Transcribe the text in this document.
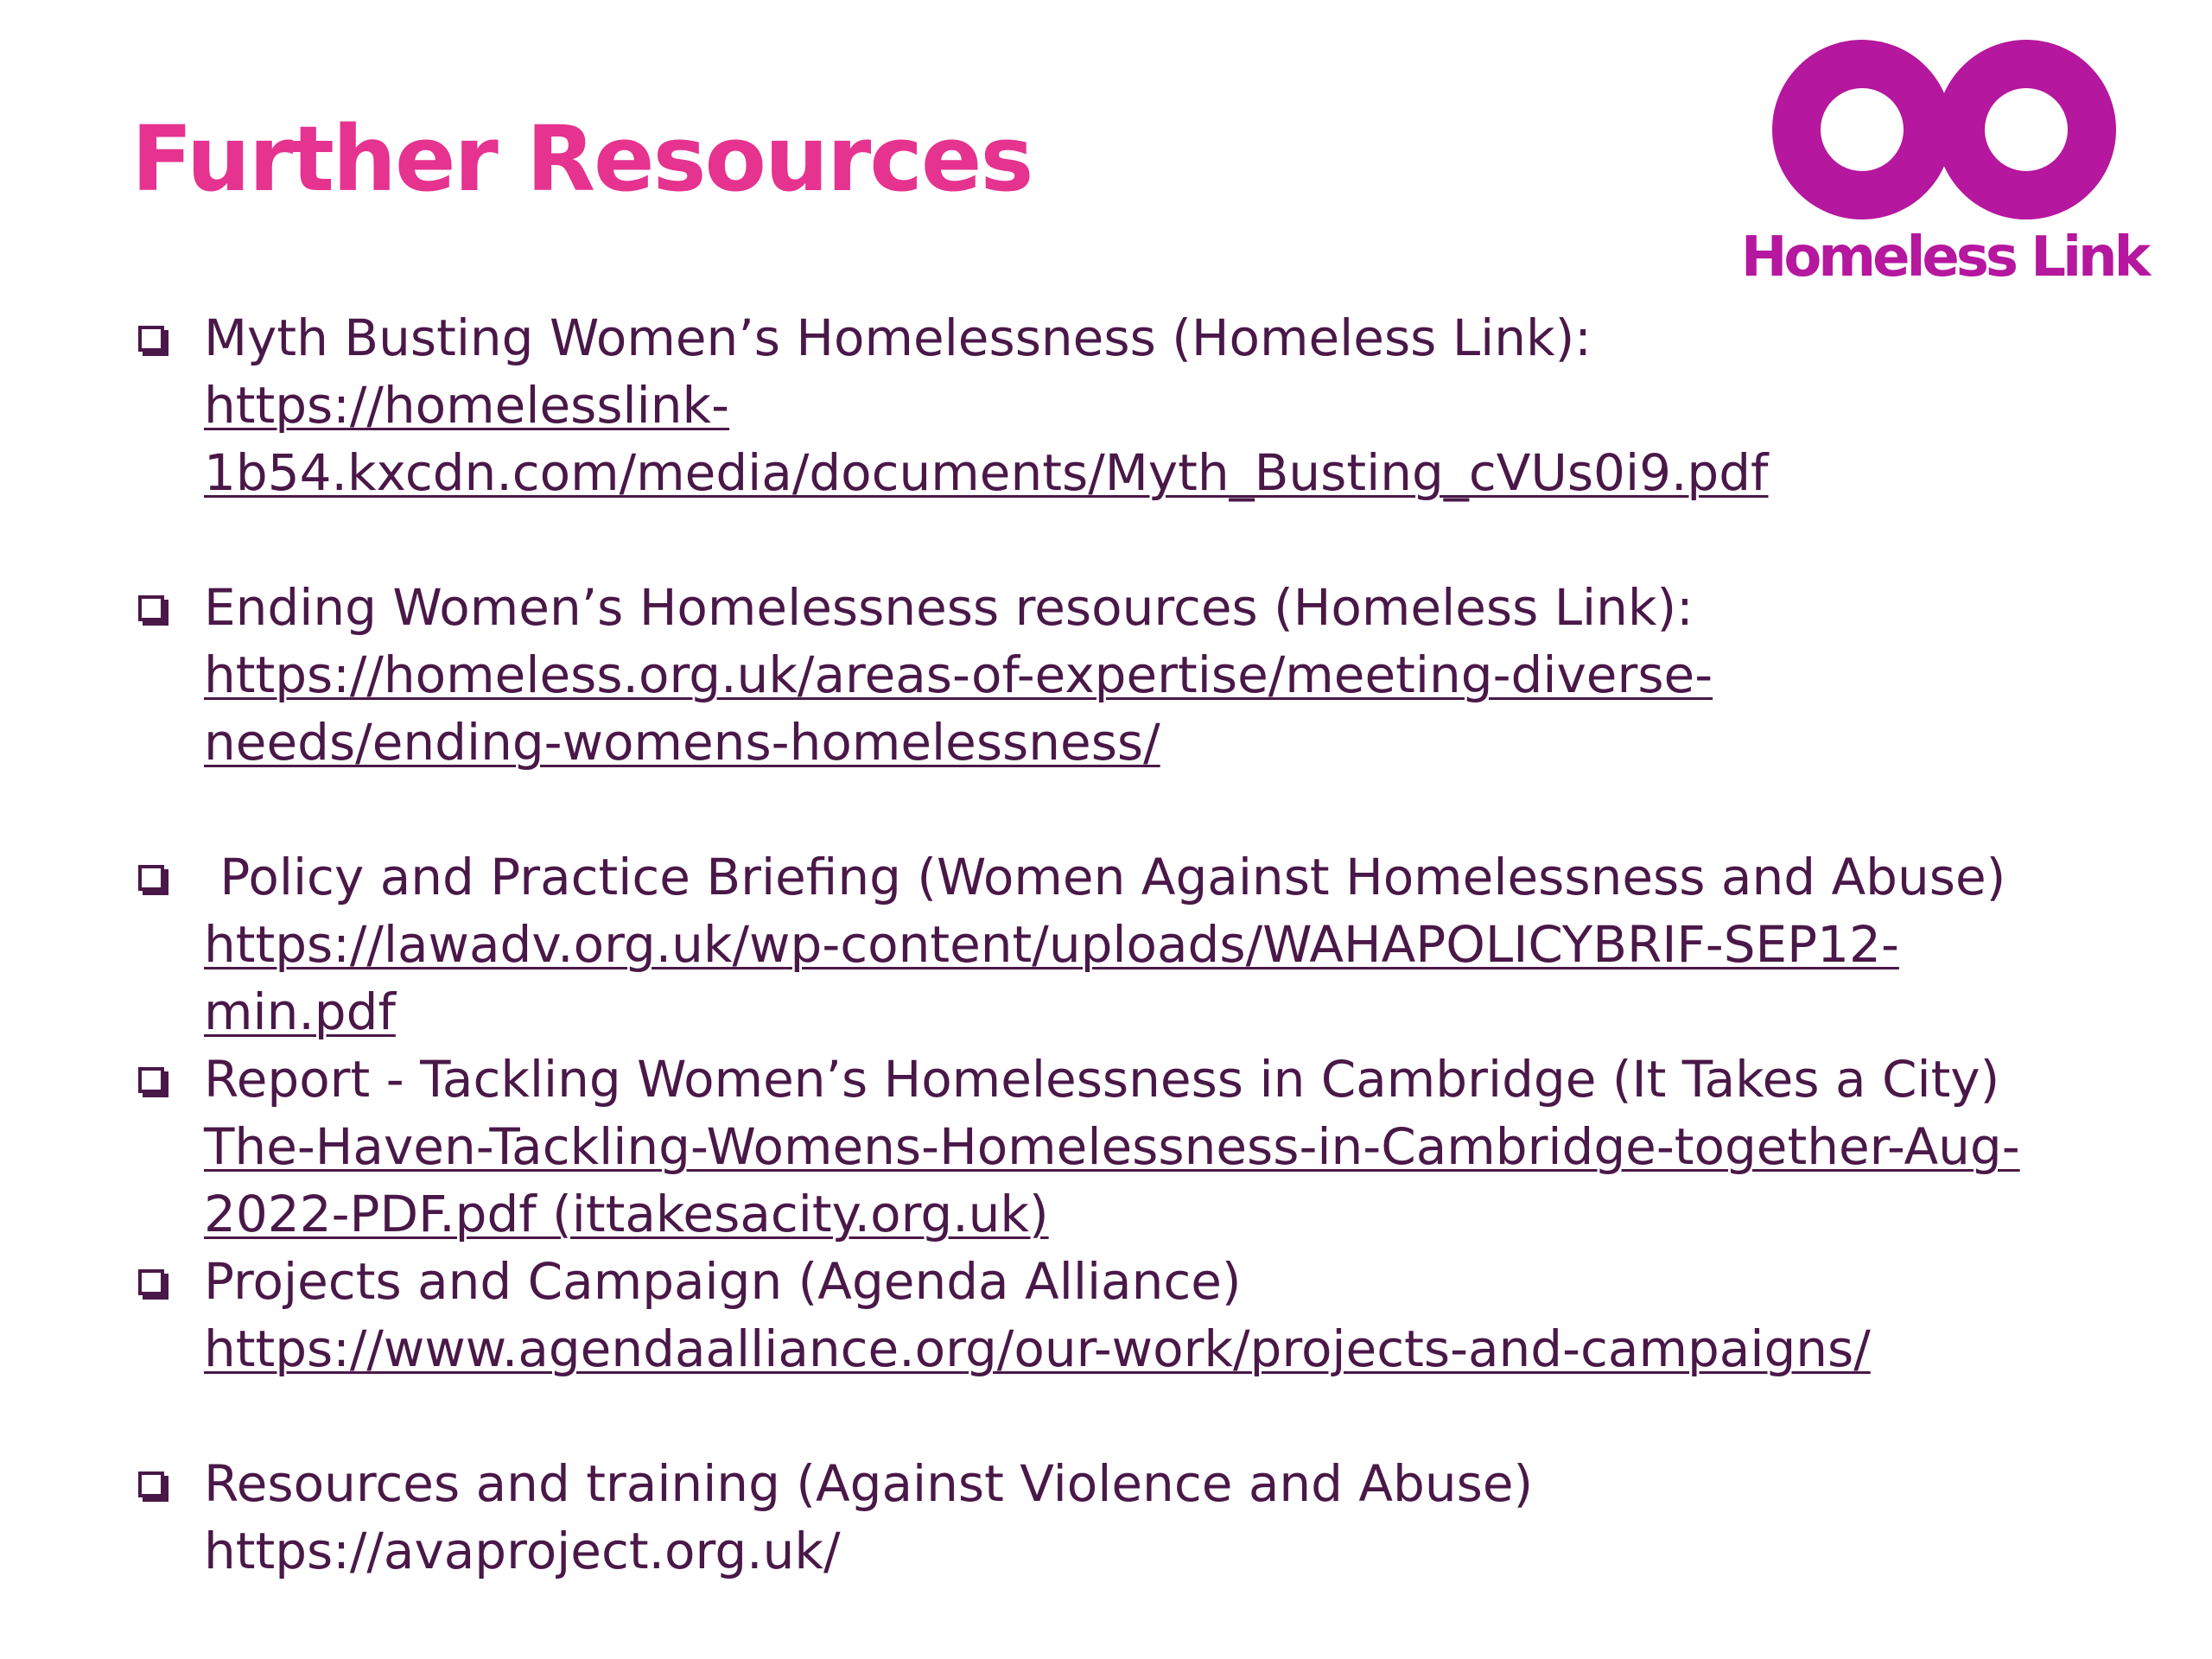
Further Resources
Homeless Link
Myth Busting Women’s Homelessness (Homeless Link):
https://homelesslink-
1b54.kxcdn.com/media/documents/Myth_Busting_cVUs0i9.pdf
Ending Women’s Homelessness resources (Homeless Link):
https://homeless.org.uk/areas-of-expertise/meeting-diverse-
needs/ending-womens-homelessness/
Policy and Practice Briefing (Women Against Homelessness and Abuse)
https://lawadv.org.uk/wp-content/uploads/WAHAPOLICYBRIF-SEP12-
min.pdf
Report - Tackling Women’s Homelessness in Cambridge (It Takes a City)
The-Haven-Tackling-Womens-Homelessness-in-Cambridge-together-Aug-
2022-PDF.pdf (ittakesacity.org.uk)
Projects and Campaign (Agenda Alliance)
https://www.agendaalliance.org/our-work/projects-and-campaigns/
Resources and training (Against Violence and Abuse)
https://avaproject.org.uk/
